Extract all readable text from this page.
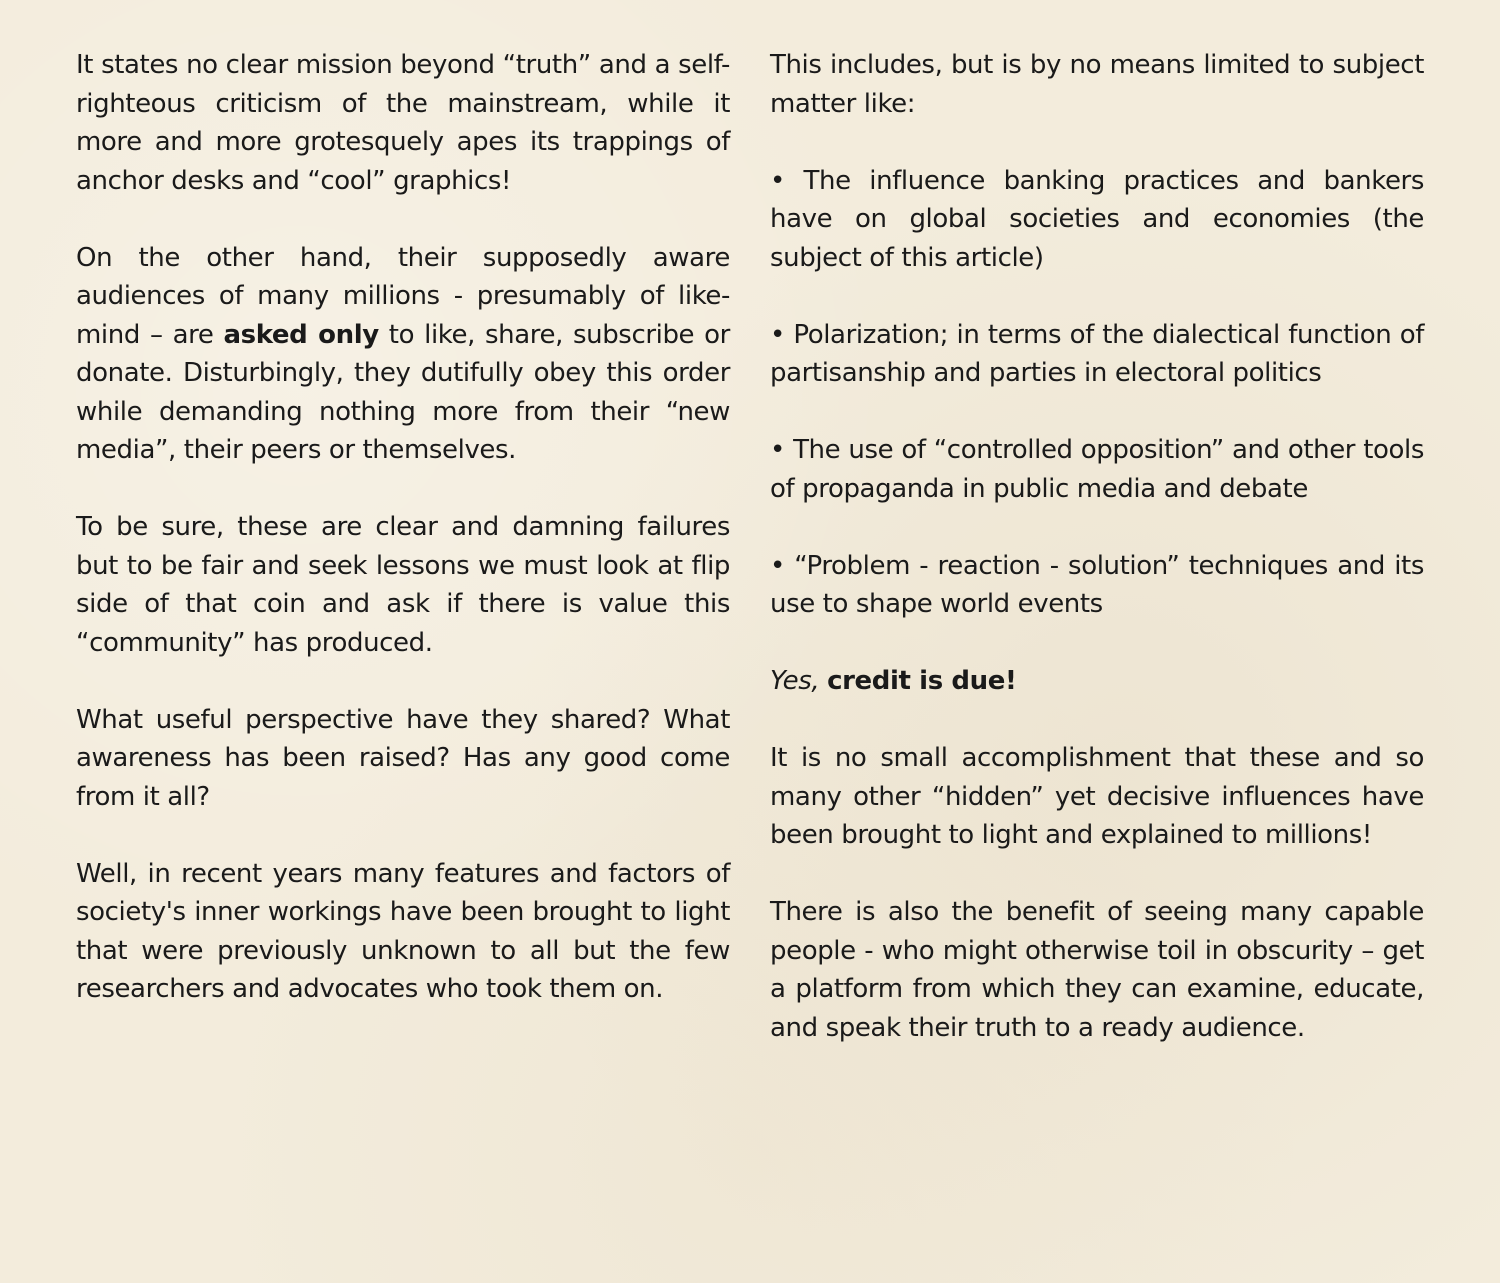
It states no clear mission beyond “truth” and a self-righteous criticism of the mainstream, while it more and more grotesquely apes its trappings of anchor desks and “cool” graphics!

On the other hand, their supposedly aware audiences of many millions - presumably of like-mind – are asked only to like, share, subscribe or donate. Disturbingly, they dutifully obey this order while demanding nothing more from their “new media”, their peers or themselves.

To be sure, these are clear and damning failures but to be fair and seek lessons we must look at flip side of that coin and ask if there is value this “community” has produced.

What useful perspective have they shared? What awareness has been raised? Has any good come from it all?

Well, in recent years many features and factors of society's inner workings have been brought to light that were previously unknown to all but the few researchers and advocates who took them on.

This includes, but is by no means limited to subject matter like:

• The influence banking practices and bankers have on global societies and economies (the subject of this article)

• Polarization; in terms of the dialectical function of partisanship and parties in electoral politics

• The use of “controlled opposition” and other tools of propaganda in public media and debate

• “Problem - reaction - solution” techniques and its use to shape world events

Yes, credit is due!

It is no small accomplishment that these and so many other “hidden” yet decisive influences have been brought to light and explained to millions!

There is also the benefit of seeing many capable people - who might otherwise toil in obscurity – get a platform from which they can examine, educate, and speak their truth to a ready audience.
